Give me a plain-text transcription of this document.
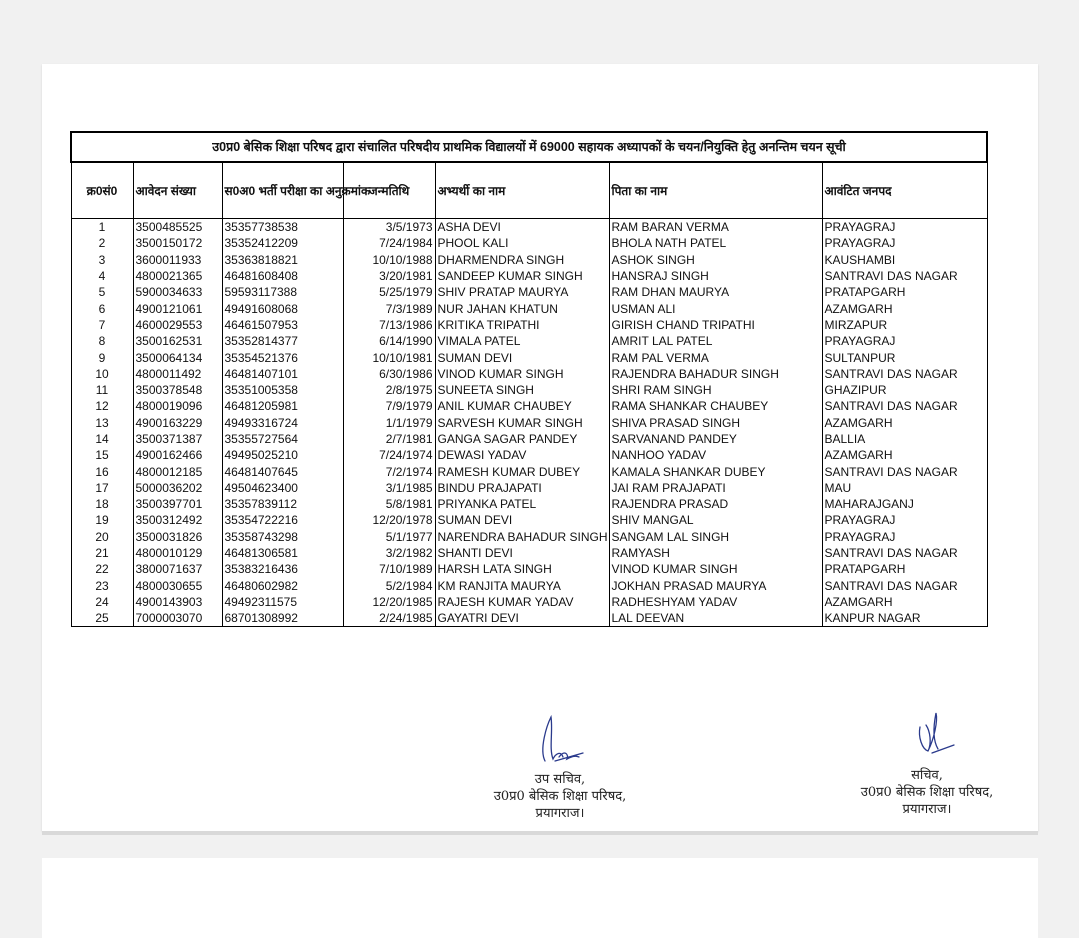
उ0प्र0 बेसिक शिक्षा परिषद द्वारा संचालित परिषदीय प्राथमिक विद्यालयों में 69000 सहायक अध्यापकों के चयन/नियुक्ति हेतु अनन्तिम चयन सूची						
क्र0सं0	आवेदन संख्या	स0अ0 भर्ती परीक्षा का अनुक्रमांक	जन्मतिथि	अभ्यर्थी का नाम	पिता का नाम	आवंटित जनपद
1	3500485525	35357738538	3/5/1973	ASHA DEVI	RAM BARAN VERMA	PRAYAGRAJ
2	3500150172	35352412209	7/24/1984	PHOOL KALI	BHOLA NATH PATEL	PRAYAGRAJ
3	3600011933	35363818821	10/10/1988	DHARMENDRA SINGH	ASHOK SINGH	KAUSHAMBI
4	4800021365	46481608408	3/20/1981	SANDEEP KUMAR SINGH	HANSRAJ SINGH	SANTRAVI DAS NAGAR
5	5900034633	59593117388	5/25/1979	SHIV PRATAP MAURYA	RAM DHAN MAURYA	PRATAPGARH
6	4900121061	49491608068	7/3/1989	NUR JAHAN KHATUN	USMAN ALI	AZAMGARH
7	4600029553	46461507953	7/13/1986	KRITIKA TRIPATHI	GIRISH CHAND TRIPATHI	MIRZAPUR
8	3500162531	35352814377	6/14/1990	VIMALA PATEL	AMRIT LAL PATEL	PRAYAGRAJ
9	3500064134	35354521376	10/10/1981	SUMAN DEVI	RAM PAL VERMA	SULTANPUR
10	4800011492	46481407101	6/30/1986	VINOD KUMAR SINGH	RAJENDRA BAHADUR SINGH	SANTRAVI DAS NAGAR
11	3500378548	35351005358	2/8/1975	SUNEETA SINGH	SHRI RAM SINGH	GHAZIPUR
12	4800019096	46481205981	7/9/1979	ANIL KUMAR CHAUBEY	RAMA SHANKAR CHAUBEY	SANTRAVI DAS NAGAR
13	4900163229	49493316724	1/1/1979	SARVESH KUMAR SINGH	SHIVA PRASAD SINGH	AZAMGARH
14	3500371387	35355727564	2/7/1981	GANGA SAGAR PANDEY	SARVANAND PANDEY	BALLIA
15	4900162466	49495025210	7/24/1974	DEWASI YADAV	NANHOO YADAV	AZAMGARH
16	4800012185	46481407645	7/2/1974	RAMESH KUMAR DUBEY	KAMALA SHANKAR DUBEY	SANTRAVI DAS NAGAR
17	5000036202	49504623400	3/1/1985	BINDU PRAJAPATI	JAI RAM PRAJAPATI	MAU
18	3500397701	35357839112	5/8/1981	PRIYANKA PATEL	RAJENDRA PRASAD	MAHARAJGANJ
19	3500312492	35354722216	12/20/1978	SUMAN DEVI	SHIV MANGAL	PRAYAGRAJ
20	3500031826	35358743298	5/1/1977	NARENDRA BAHADUR SINGH	SANGAM LAL SINGH	PRAYAGRAJ
21	4800010129	46481306581	3/2/1982	SHANTI DEVI	RAMYASH	SANTRAVI DAS NAGAR
22	3800071637	35383216436	7/10/1989	HARSH LATA SINGH	VINOD KUMAR SINGH	PRATAPGARH
23	4800030655	46480602982	5/2/1984	KM RANJITA MAURYA	JOKHAN PRASAD MAURYA	SANTRAVI DAS NAGAR
24	4900143903	49492311575	12/20/1985	RAJESH KUMAR YADAV	RADHESHYAM YADAV	AZAMGARH
25	7000003070	68701308992	2/24/1985	GAYATRI DEVI	LAL DEEVAN	KANPUR NAGAR
उप सचिव,
उ0प्र0 बेसिक शिक्षा परिषद,
प्रयागराज।
सचिव,
उ0प्र0 बेसिक शिक्षा परिषद,
प्रयागराज।
